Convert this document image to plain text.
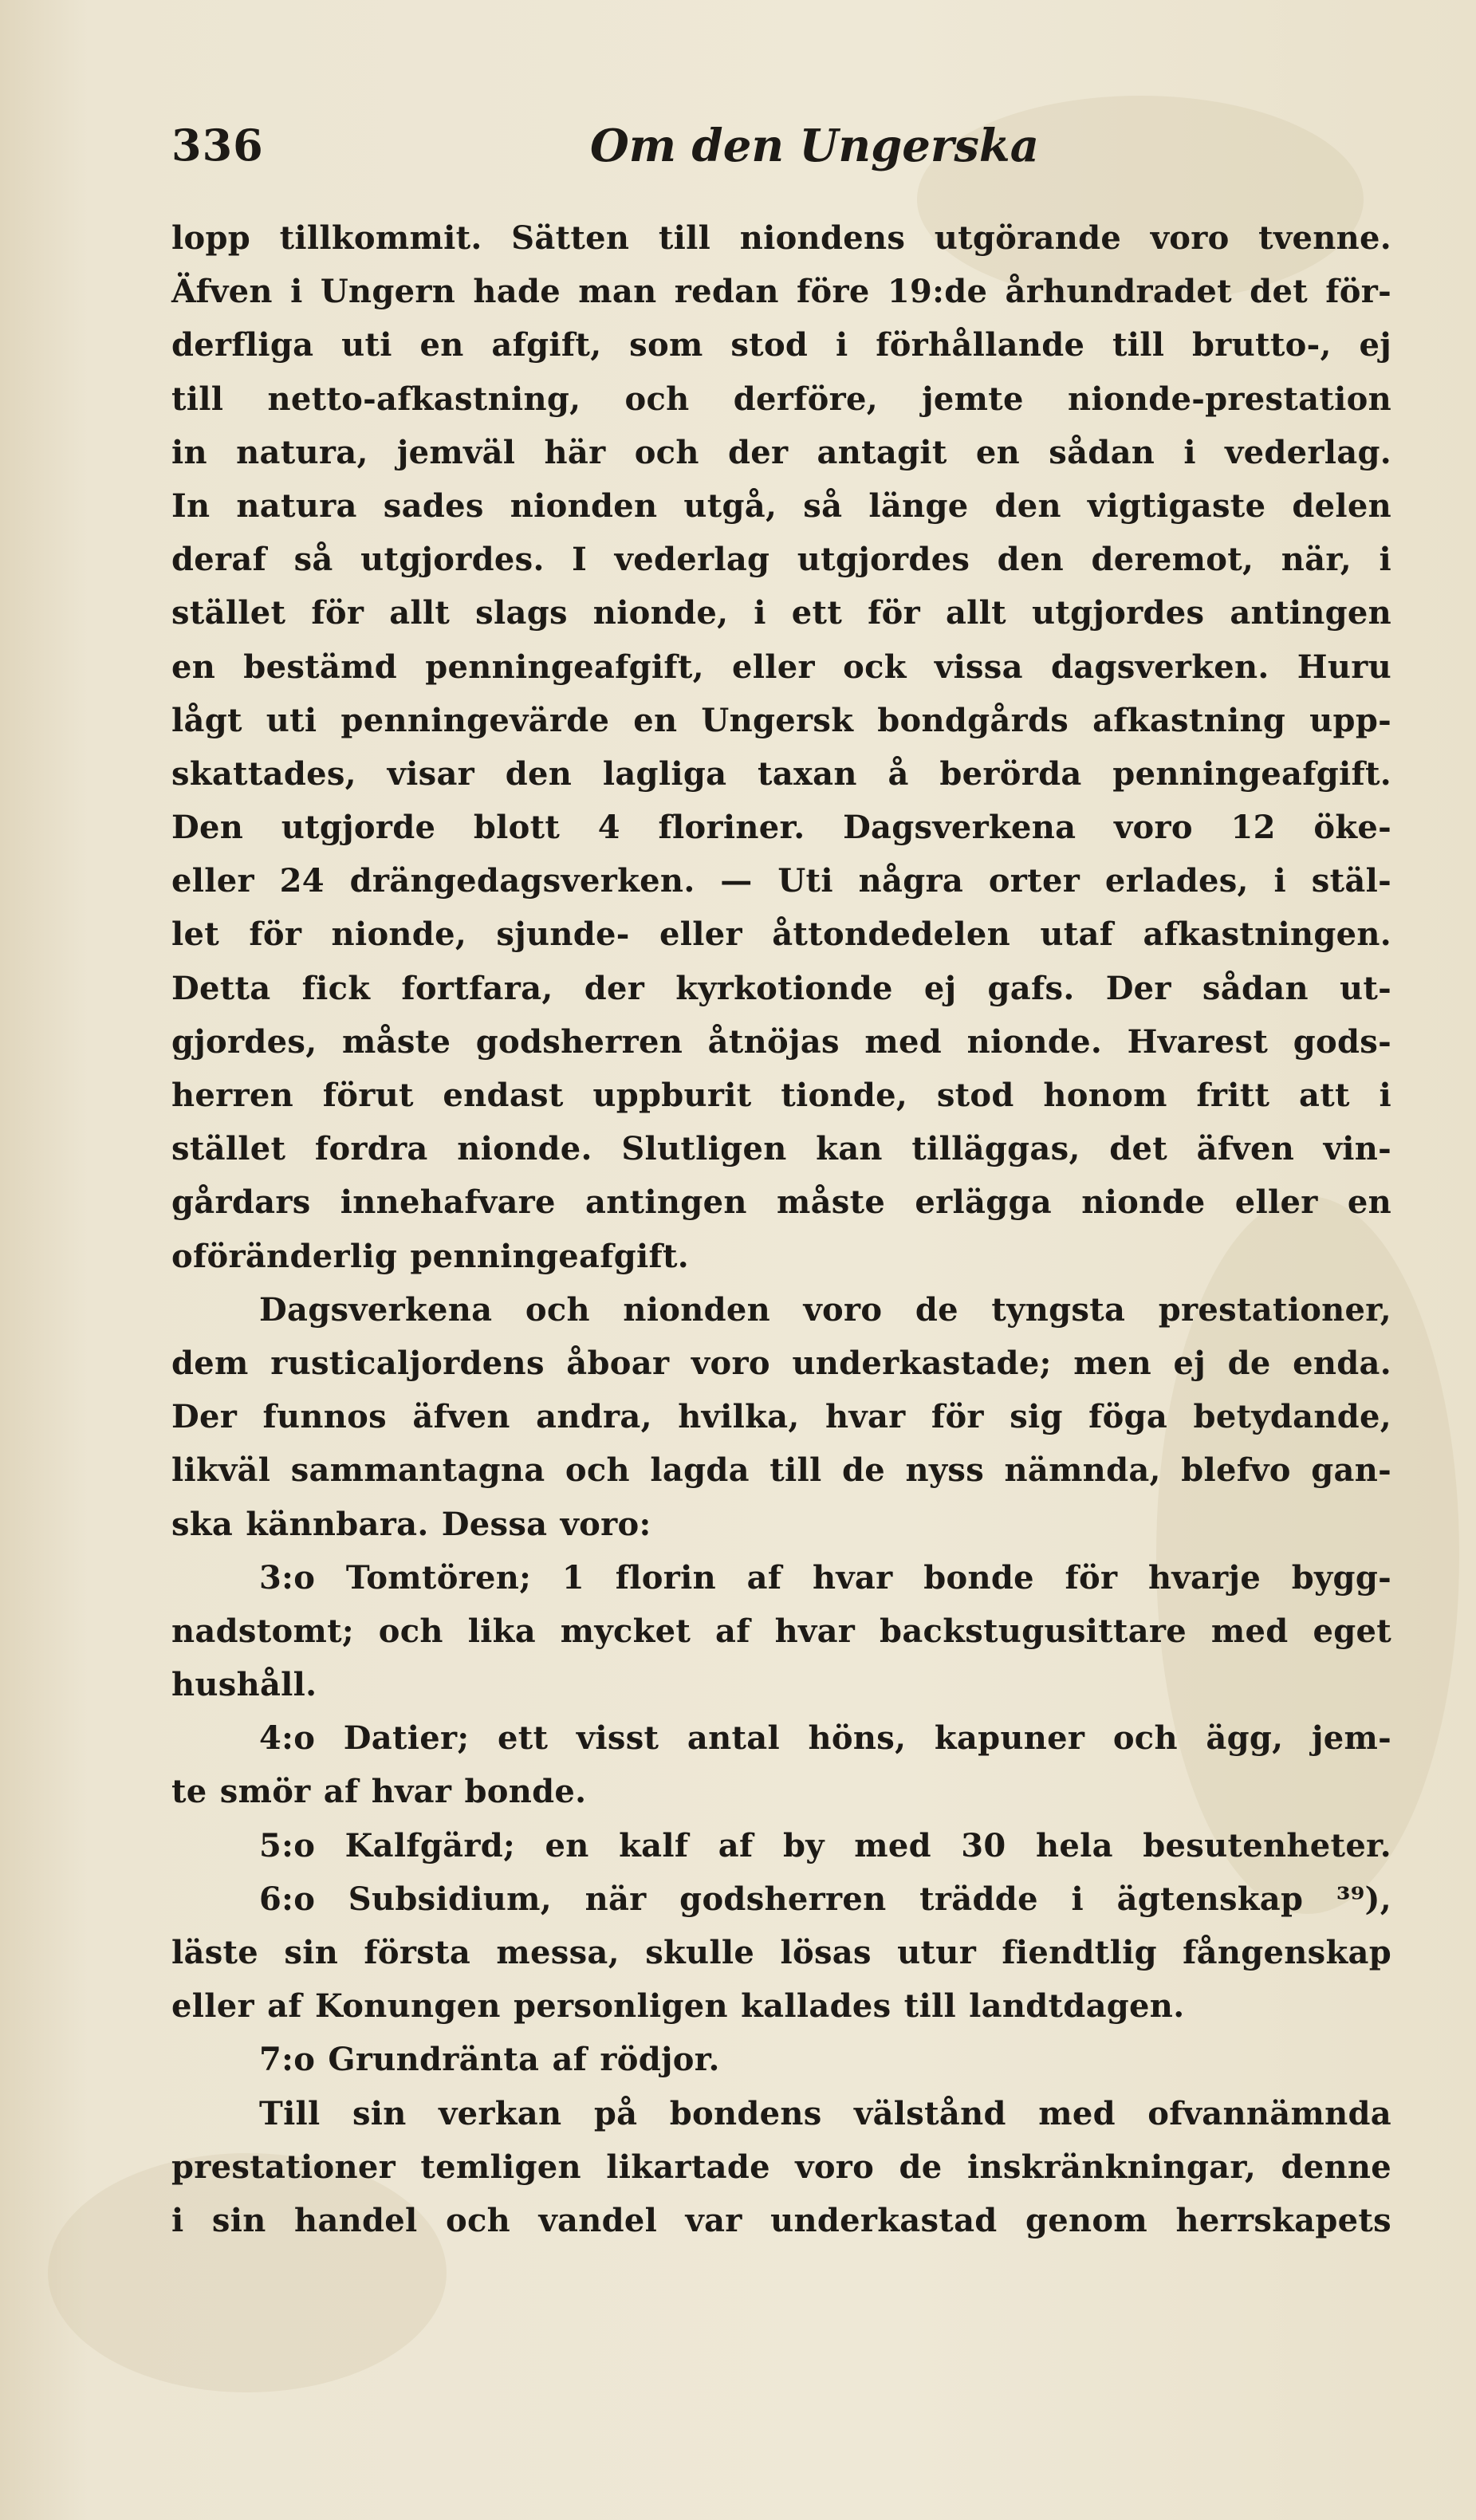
336	Om den Ungerska
lopp tillkommit. Sätten till niondens utgörande voro tvenne.
Äfven i Ungern hade man redan före 19:de århundradet det för-
derfliga uti en afgift, som stod i förhållande till brutto-, ej
till netto-afkastning, och derföre, jemte nionde-prestation
in natura, jemväl här och der antagit en sådan i vederlag.
In natura sades nionden utgå, så länge den vigtigaste delen
deraf så utgjordes. I vederlag utgjordes den deremot, när, i
stället för allt slags nionde, i ett för allt utgjordes antingen
en bestämd penningeafgift, eller ock vissa dagsverken. Huru
lågt uti penningevärde en Ungersk bondgårds afkastning upp-
skattades, visar den lagliga taxan å berörda penningeafgift.
Den utgjorde blott 4 floriner. Dagsverkena voro 12 öke-
eller 24 drängedagsverken. — Uti några orter erlades, i stäl-
let för nionde, sjunde- eller åttondedelen utaf afkastningen.
Detta fick fortfara, der kyrkotionde ej gafs. Der sådan ut-
gjordes, måste godsherren åtnöjas med nionde. Hvarest gods-
herren förut endast uppburit tionde, stod honom fritt att i
stället fordra nionde. Slutligen kan tilläggas, det äfven vin-
gårdars innehafvare antingen måste erlägga nionde eller en
oföränderlig penningeafgift.
Dagsverkena och nionden voro de tyngsta prestationer,
dem rusticaljordens åboar voro underkastade; men ej de enda.
Der funnos äfven andra, hvilka, hvar för sig föga betydande,
likväl sammantagna och lagda till de nyss nämnda, blefvo gan-
ska kännbara. Dessa voro:
3:o Tomtören; 1 florin af hvar bonde för hvarje bygg-
nadstomt; och lika mycket af hvar backstugusittare med eget
hushåll.
4:o Datier; ett visst antal höns, kapuner och ägg, jem-
te smör af hvar bonde.
5:o Kalfgärd; en kalf af by med 30 hela besutenheter.
6:o Subsidium, när godsherren trädde i ägtenskap ³⁹),
läste sin första messa, skulle lösas utur fiendtlig fångenskap
eller af Konungen personligen kallades till landtdagen.
7:o Grundränta af rödjor.
Till sin verkan på bondens välstånd med ofvannämnda
prestationer temligen likartade voro de inskränkningar, denne
i sin handel och vandel var underkastad genom herrskapets
